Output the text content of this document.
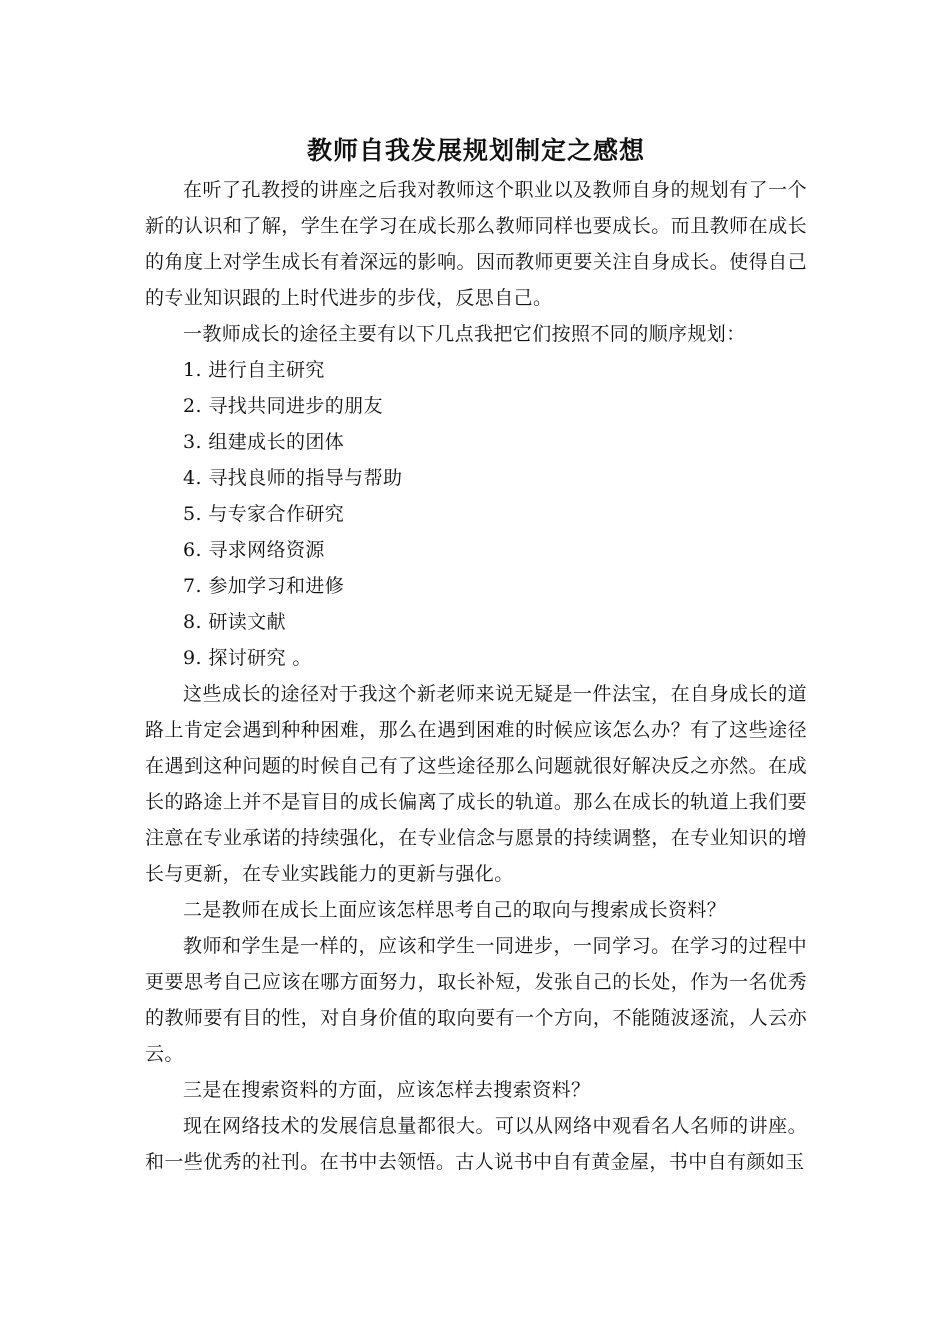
教师自我发展规划制定之感想

在听了孔教授的讲座之后我对教师这个职业以及教师自身的规划有了一个新的认识和了解，学生在学习在成长那么教师同样也要成长。而且教师在成长的角度上对学生成长有着深远的影响。因而教师更要关注自身成长。使得自己的专业知识跟的上时代进步的步伐，反思自己。

一教师成长的途径主要有以下几点我把它们按照不同的顺序规划：

1. 进行自主研究

2. 寻找共同进步的朋友

3. 组建成长的团体

4. 寻找良师的指导与帮助

5. 与专家合作研究

6. 寻求网络资源

7. 参加学习和进修

8. 研读文献

9. 探讨研究 。

这些成长的途径对于我这个新老师来说无疑是一件法宝，在自身成长的道路上肯定会遇到种种困难，那么在遇到困难的时候应该怎么办？有了这些途径在遇到这种问题的时候自己有了这些途径那么问题就很好解决反之亦然。在成长的路途上并不是盲目的成长偏离了成长的轨道。那么在成长的轨道上我们要注意在专业承诺的持续强化，在专业信念与愿景的持续调整，在专业知识的增长与更新，在专业实践能力的更新与强化。

二是教师在成长上面应该怎样思考自己的取向与搜索成长资料？

教师和学生是一样的，应该和学生一同进步，一同学习。在学习的过程中更要思考自己应该在哪方面努力，取长补短，发张自己的长处，作为一名优秀的教师要有目的性，对自身价值的取向要有一个方向，不能随波逐流，人云亦云。

三是在搜索资料的方面，应该怎样去搜索资料？

现在网络技术的发展信息量都很大。可以从网络中观看名人名师的讲座。和一些优秀的社刊。在书中去领悟。古人说书中自有黄金屋，书中自有颜如玉
